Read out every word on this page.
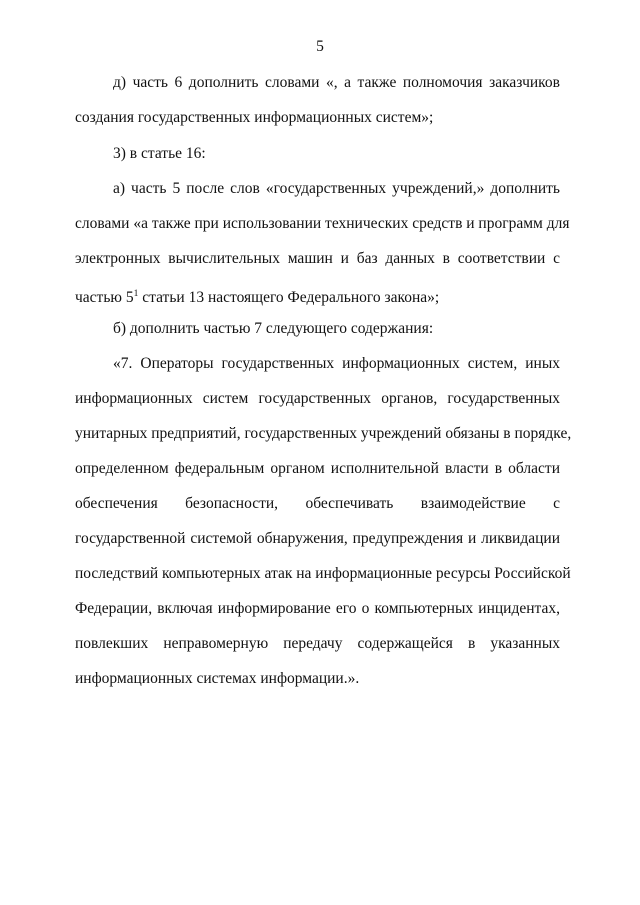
5
д) часть 6 дополнить словами «, а также полномочия заказчиков
создания государственных информационных систем»;
3) в статье 16:
а) часть 5 после слов «государственных учреждений,» дополнить
словами «а также при использовании технических средств и программ для
электронных вычислительных машин и баз данных в соответствии с
частью $5^1$ статьи 13 настоящего Федерального закона»;
б) дополнить частью 7 следующего содержания:
«7. Операторы государственных информационных систем, иных
информационных систем государственных органов, государственных
унитарных предприятий, государственных учреждений обязаны в порядке,
определенном федеральным органом исполнительной власти в области
обеспечения безопасности, обеспечивать взаимодействие с
государственной системой обнаружения, предупреждения и ликвидации
последствий компьютерных атак на информационные ресурсы Российской
Федерации, включая информирование его о компьютерных инцидентах,
повлекших неправомерную передачу содержащейся в указанных
информационных системах информации.».
